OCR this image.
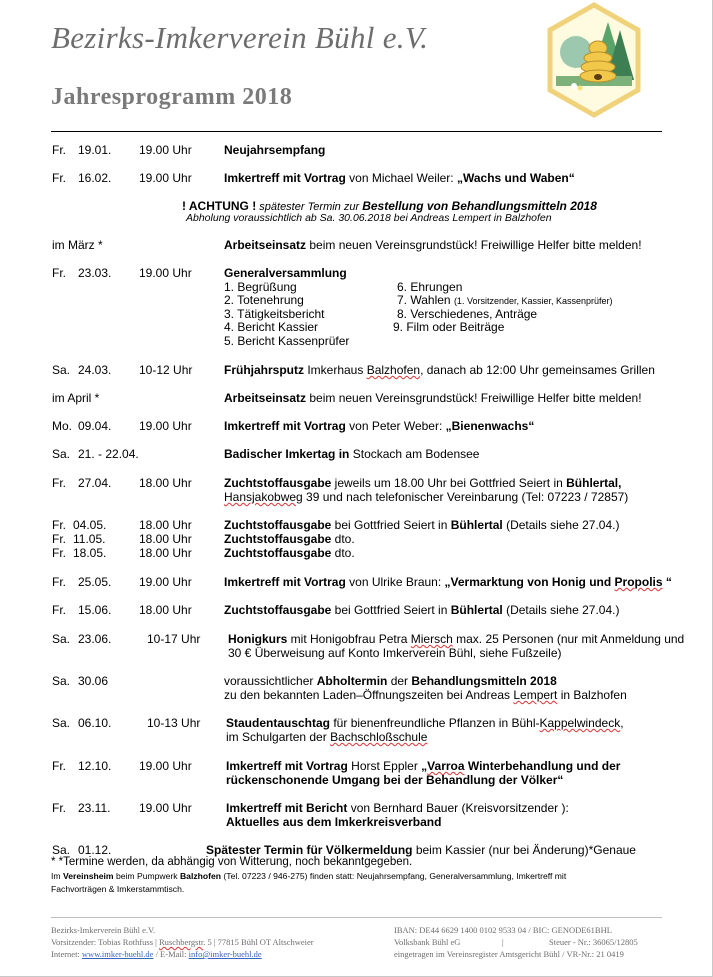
Bezirks-Imkerverein Bühl e.V.
Jahresprogramm 2018
Fr. 19.01. 19.00 Uhr	Neujahrsempfang
Fr. 16.02. 19.00 Uhr	Imkertreff mit Vortrag von Michael Weiler: „Wachs und Waben“
! ACHTUNG ! spätester Termin zur Bestellung von Behandlungsmitteln 2018
Abholung voraussichtlich ab Sa. 30.06.2018 bei Andreas Lempert in Balzhofen
im März *	Arbeitseinsatz beim neuen Vereinsgrundstück! Freiwillige Helfer bitte melden!
Fr. 23.03. 19.00 Uhr	Generalversammlung
1. Begrüßung
2. Totenehrung
3. Tätigkeitsbericht
4. Bericht Kassier
5. Bericht Kassenprüfer
6. Ehrungen
7. Wahlen (1. Vorsitzender, Kassier, Kassenprüfer)
8. Verschiedenes, Anträge
9. Film oder Beiträge
Sa. 24.03. 10-12 Uhr	Frühjahrsputz Imkerhaus Balzhofen, danach ab 12:00 Uhr gemeinsames Grillen
im April *	Arbeitseinsatz beim neuen Vereinsgrundstück! Freiwillige Helfer bitte melden!
Mo. 09.04. 19.00 Uhr	Imkertreff mit Vortrag von Peter Weber: „Bienenwachs“
Sa. 21. - 22.04.	Badischer Imkertag in Stockach am Bodensee
Fr. 27.04. 18.00 Uhr	Zuchtstoffausgabe jeweils um 18.00 Uhr bei Gottfried Seiert in Bühlertal,
Hansjakobweg 39 und nach telefonischer Vereinbarung (Tel: 07223 / 72857)
Fr. 04.05.	18.00 Uhr	Zuchtstoffausgabe bei Gottfried Seiert in Bühlertal (Details siehe 27.04.)
Fr. 11.05.	18.00 Uhr	Zuchtstoffausgabe dto.
Fr. 18.05.	18.00 Uhr	Zuchtstoffausgabe dto.
Fr. 25.05. 19.00 Uhr	Imkertreff mit Vortrag von Ulrike Braun: „Vermarktung von Honig und Propolis “
Fr. 15.06. 18.00 Uhr	Zuchtstoffausgabe bei Gottfried Seiert in Bühlertal (Details siehe 27.04.)
Sa. 23.06.	10-17 Uhr Honigkurs mit Honigobfrau Petra Miersch max. 25 Personen (nur mit Anmeldung und
30 € Überweisung auf Konto Imkerverein Bühl, siehe Fußzeile)
Sa. 30.06	voraussichtlicher Abholtermin der Behandlungsmitteln 2018
zu den bekannten Laden–Öffnungszeiten bei Andreas Lempert in Balzhofen
Sa. 06.10.	10-13 Uhr Staudentauschtag für bienenfreundliche Pflanzen in Bühl-Kappelwindeck,
im Schulgarten der Bachschloßschule
Fr. 12.10. 19.00 Uhr	Imkertreff mit Vortrag Horst Eppler „Varroa Winterbehandlung und der
rückenschonende Umgang bei der Behandlung der Völker“
Fr. 23.11. 19.00 Uhr	Imkertreff mit Bericht von Bernhard Bauer (Kreisvorsitzender ):
Aktuelles aus dem Imkerkreisverband
Sa. 01.12.	Spätester Termin für Völkermeldung beim Kassier (nur bei Änderung)*Genaue
* *Termine werden, da abhängig von Witterung, noch bekanntgegeben.
Im Vereinsheim beim Pumpwerk Balzhofen (Tel. 07223 / 946-275) finden statt: Neujahrsempfang, Generalversammlung, Imkertreff mit
Fachvorträgen & Imkerstammtisch.
Bezirks-Imkerverein Bühl e.V.
Vorsitzender: Tobias Rothfuss | Ruschbergstr. 5 | 77815 Bühl OT Altschweier
Internet: www.imker-buehl.de / E-Mail: info@imker-buehl.de
IBAN: DE44 6629 1400 0102 9533 04 / BIC: GENODE61BHL
Volksbank Bühl eG	|	Steuer - Nr.: 36065/12805
eingetragen im Vereinsregister Amtsgericht Bühl / VR-Nr.: 21 0419
